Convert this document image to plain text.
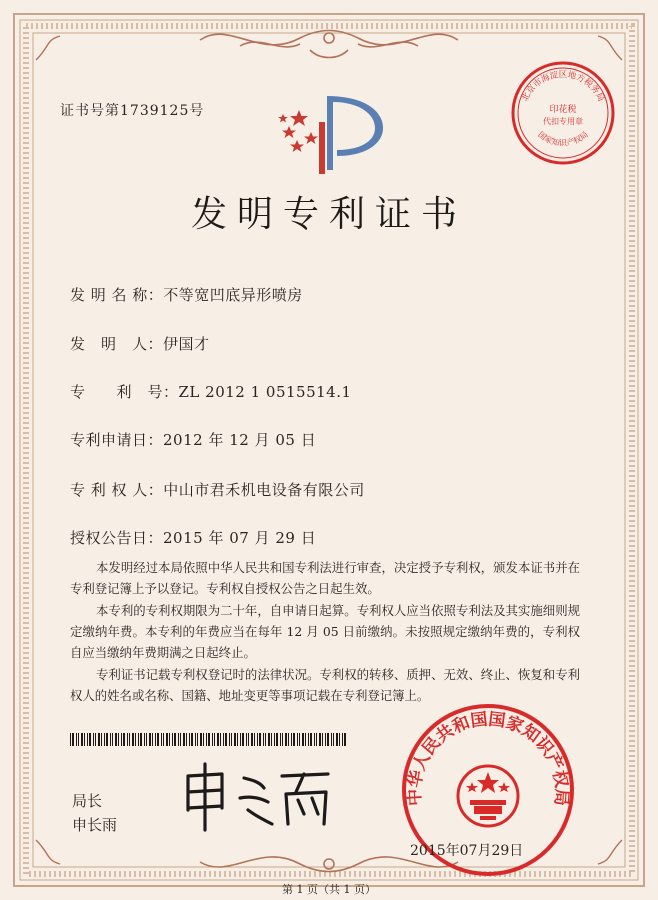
证书号第1739125号
北京市海淀区地方税务局
国家知识产权局
印花税
代扣专用章
发明专利证书
发 明 名 称：不等宽凹底异形喷房
发　明　人：伊国才
专　　利　号：ZL 2012 1 0515514.1
专利申请日：2012 年 12 月 05 日
专 利 权 人：中山市君禾机电设备有限公司
授权公告日：2015 年 07 月 29 日
本发明经过本局依照中华人民共和国专利法进行审查，决定授予专利权，颁发本证书并在专利登记簿上予以登记。专利权自授权公告之日起生效。
本专利的专利权期限为二十年，自申请日起算。专利权人应当依照专利法及其实施细则规定缴纳年费。本专利的年费应当在每年 12 月 05 日前缴纳。未按照规定缴纳年费的，专利权自应当缴纳年费期满之日起终止。
专利证书记载专利权登记时的法律状况。专利权的转移、质押、无效、终止、恢复和专利权人的姓名或名称、国籍、地址变更等事项记载在专利登记簿上。
局长
申长雨
中华人民共和国国家知识产权局
2015年07月29日
第 1 页（共 1 页）
